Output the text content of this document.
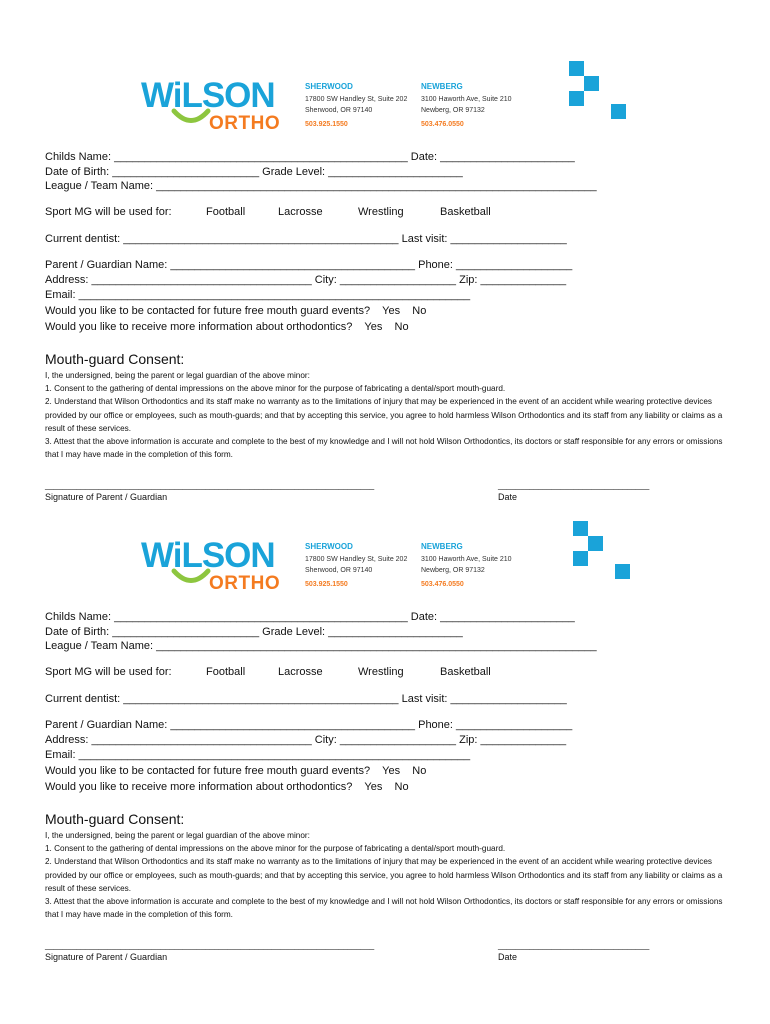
WiLSON
ORTHO
SHERWOOD
17800 SW Handley St, Suite 202
Sherwood, OR 97140
503.925.1550
NEWBERG
3100 Haworth Ave, Suite 210
Newberg, OR 97132
503.476.0550
Childs Name: ________________________________________________ Date: ______________________
Date of Birth: ________________________ Grade Level: ______________________
League / Team Name: ________________________________________________________________________
Sport MG will be used for:	Football	Lacrosse	Wrestling	Basketball
Current dentist: _____________________________________________ Last visit: ___________________
Parent / Guardian Name: ________________________________________ Phone: ___________________
Address: ____________________________________ City: ___________________ Zip: ______________
Email: ________________________________________________________________
Would you like to be contacted for future free mouth guard events?    Yes    No
Would you like to receive more information about orthodontics?    Yes    No
Mouth-guard Consent:

I, the undersigned, being the parent or legal guardian of the above minor:

1. Consent to the gathering of dental impressions on the above minor for the purpose of fabricating a dental/sport mouth-guard.

2. Understand that Wilson Orthodontics and its staff make no warranty as to the limitations of injury that may be experienced in the event of an accident while wearing protective devices provided by our office or employees, such as mouth-guards; and that by accepting this service, you agree to hold harmless Wilson Orthodontics and its staff from any liability or claims as a result of these services.

3. Attest that the above information is accurate and complete to the best of my knowledge and I will not hold Wilson Orthodontics, its doctors or staff responsible for any errors or omissions that I may have made in the completion of this form.

__________________________________________________________________________	__________________________________
Signature of Parent / Guardian	Date
WiLSON
ORTHO
SHERWOOD
17800 SW Handley St, Suite 202
Sherwood, OR 97140
503.925.1550
NEWBERG
3100 Haworth Ave, Suite 210
Newberg, OR 97132
503.476.0550
Childs Name: ________________________________________________ Date: ______________________
Date of Birth: ________________________ Grade Level: ______________________
League / Team Name: ________________________________________________________________________
Sport MG will be used for:	Football	Lacrosse	Wrestling	Basketball
Current dentist: _____________________________________________ Last visit: ___________________
Parent / Guardian Name: ________________________________________ Phone: ___________________
Address: ____________________________________ City: ___________________ Zip: ______________
Email: ________________________________________________________________
Would you like to be contacted for future free mouth guard events?    Yes    No
Would you like to receive more information about orthodontics?    Yes    No
Mouth-guard Consent:

I, the undersigned, being the parent or legal guardian of the above minor:

1. Consent to the gathering of dental impressions on the above minor for the purpose of fabricating a dental/sport mouth-guard.

2. Understand that Wilson Orthodontics and its staff make no warranty as to the limitations of injury that may be experienced in the event of an accident while wearing protective devices provided by our office or employees, such as mouth-guards; and that by accepting this service, you agree to hold harmless Wilson Orthodontics and its staff from any liability or claims as a result of these services.

3. Attest that the above information is accurate and complete to the best of my knowledge and I will not hold Wilson Orthodontics, its doctors or staff responsible for any errors or omissions that I may have made in the completion of this form.

__________________________________________________________________________	__________________________________
Signature of Parent / Guardian	Date
